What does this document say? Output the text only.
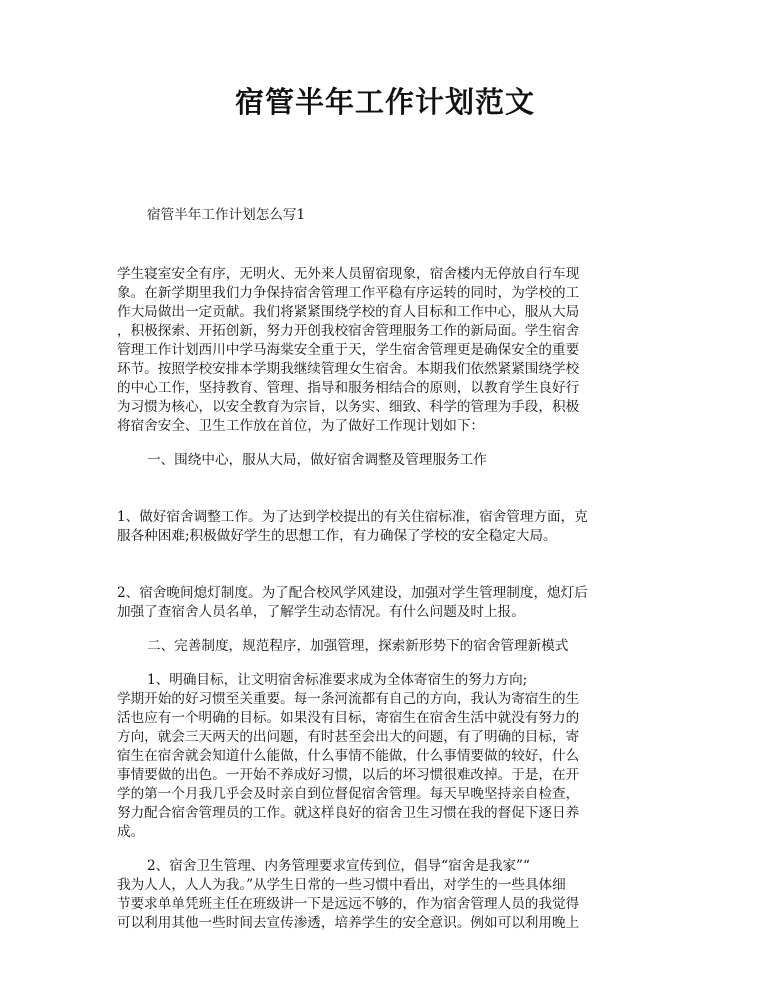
宿管半年工作计划范文

宿管半年工作计划怎么写1

学生寝室安全有序，无明火、无外来人员留宿现象，宿舍楼内无停放自行车现
象。在新学期里我们力争保持宿舍管理工作平稳有序运转的同时，为学校的工
作大局做出一定贡献。我们将紧紧围绕学校的育人目标和工作中心，服从大局
，积极探索、开拓创新，努力开创我校宿舍管理服务工作的新局面。学生宿舍
管理工作计划西川中学马海棠安全重于天，学生宿舍管理更是确保安全的重要
环节。按照学校安排本学期我继续管理女生宿舍。本期我们依然紧紧围绕学校
的中心工作，坚持教育、管理、指导和服务相结合的原则，以教育学生良好行
为习惯为核心，以安全教育为宗旨，以务实、细致、科学的管理为手段，积极
将宿舍安全、卫生工作放在首位，为了做好工作现计划如下：

一、围绕中心，服从大局，做好宿舍调整及管理服务工作

1、做好宿舍调整工作。为了达到学校提出的有关住宿标准，宿舍管理方面，克
服各种困难;积极做好学生的思想工作，有力确保了学校的安全稳定大局。

2、宿舍晚间熄灯制度。为了配合校风学风建设，加强对学生管理制度，熄灯后
加强了查宿舍人员名单，了解学生动态情况。有什么问题及时上报。

二、完善制度，规范程序，加强管理，探索新形势下的宿舍管理新模式

1、明确目标，让文明宿舍标准要求成为全体寄宿生的努力方向;
学期开始的好习惯至关重要。每一条河流都有自己的方向，我认为寄宿生的生
活也应有一个明确的目标。如果没有目标，寄宿生在宿舍生活中就没有努力的
方向，就会三天两天的出问题，有时甚至会出大的问题，有了明确的目标，寄
宿生在宿舍就会知道什么能做，什么事情不能做，什么事情要做的较好，什么
事情要做的出色。一开始不养成好习惯，以后的坏习惯很难改掉。于是，在开
学的第一个月我几乎会及时亲自到位督促宿舍管理。每天早晚坚持亲自检查，
努力配合宿舍管理员的工作。就这样良好的宿舍卫生习惯在我的督促下逐日养
成。

2、宿舍卫生管理、内务管理要求宣传到位，倡导“宿舍是我家”“
我为人人，人人为我。”从学生日常的一些习惯中看出，对学生的一些具体细
节要求单单凭班主任在班级讲一下是远远不够的，作为宿舍管理人员的我觉得
可以利用其他一些时间去宣传渗透，培养学生的安全意识。例如可以利用晚上
